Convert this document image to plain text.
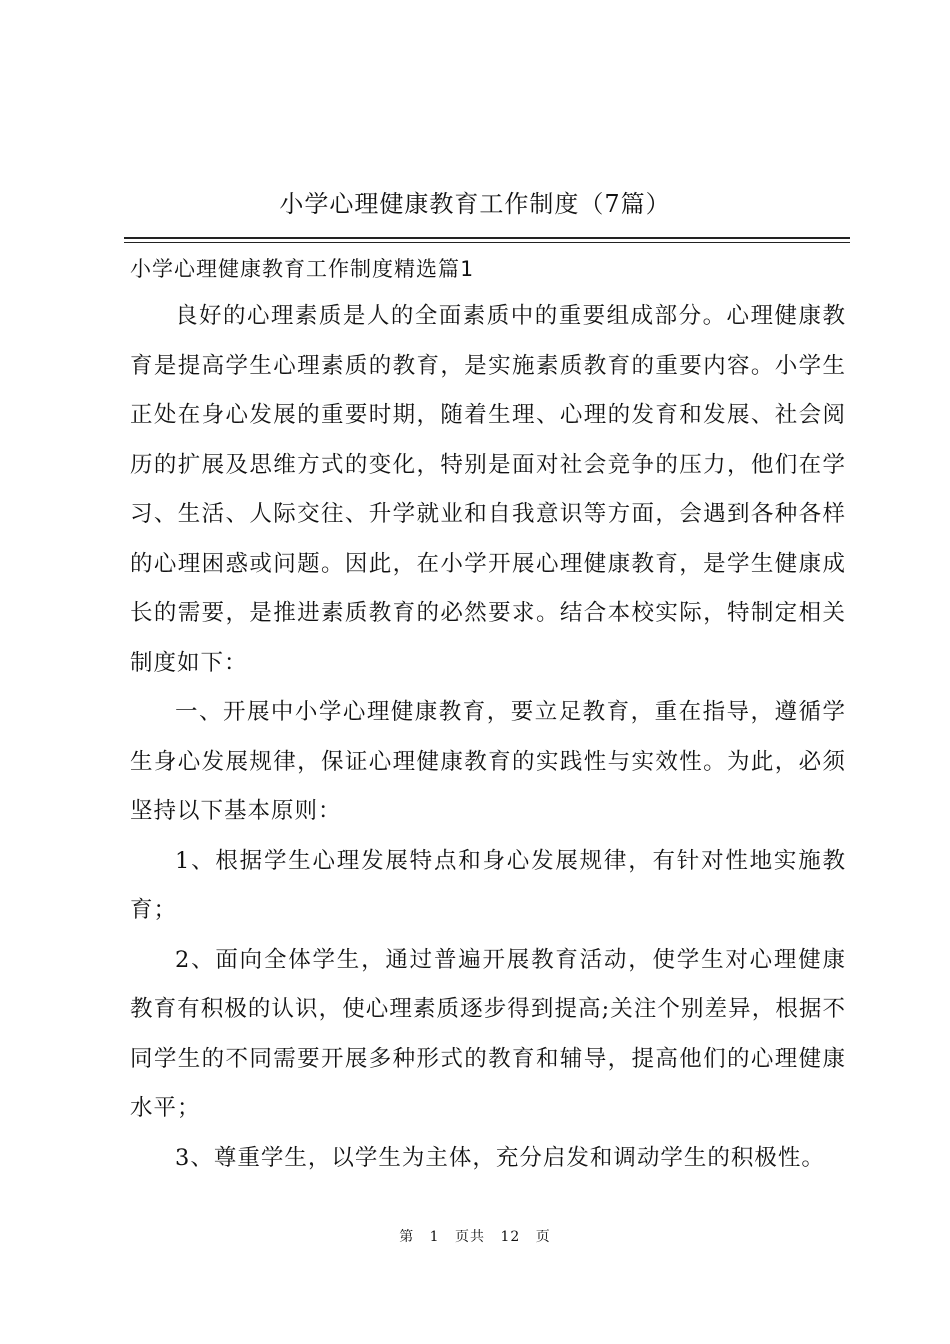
小学心理健康教育工作制度（7篇）
小学心理健康教育工作制度精选篇1

良好的心理素质是人的全面素质中的重要组成部分。心理健康教育是提高学生心理素质的教育，是实施素质教育的重要内容。小学生正处在身心发展的重要时期，随着生理、心理的发育和发展、社会阅历的扩展及思维方式的变化，特别是面对社会竞争的压力，他们在学习、生活、人际交往、升学就业和自我意识等方面，会遇到各种各样的心理困惑或问题。因此，在小学开展心理健康教育，是学生健康成长的需要，是推进素质教育的必然要求。结合本校实际，特制定相关制度如下：

一、开展中小学心理健康教育，要立足教育，重在指导，遵循学生身心发展规律，保证心理健康教育的实践性与实效性。为此，必须坚持以下基本原则：

1、根据学生心理发展特点和身心发展规律，有针对性地实施教育；

2、面向全体学生，通过普遍开展教育活动，使学生对心理健康教育有积极的认识，使心理素质逐步得到提高;关注个别差异，根据不同学生的不同需要开展多种形式的教育和辅导，提高他们的心理健康水平；

3、尊重学生，以学生为主体，充分启发和调动学生的积极性。

第 1 页共 12 页
